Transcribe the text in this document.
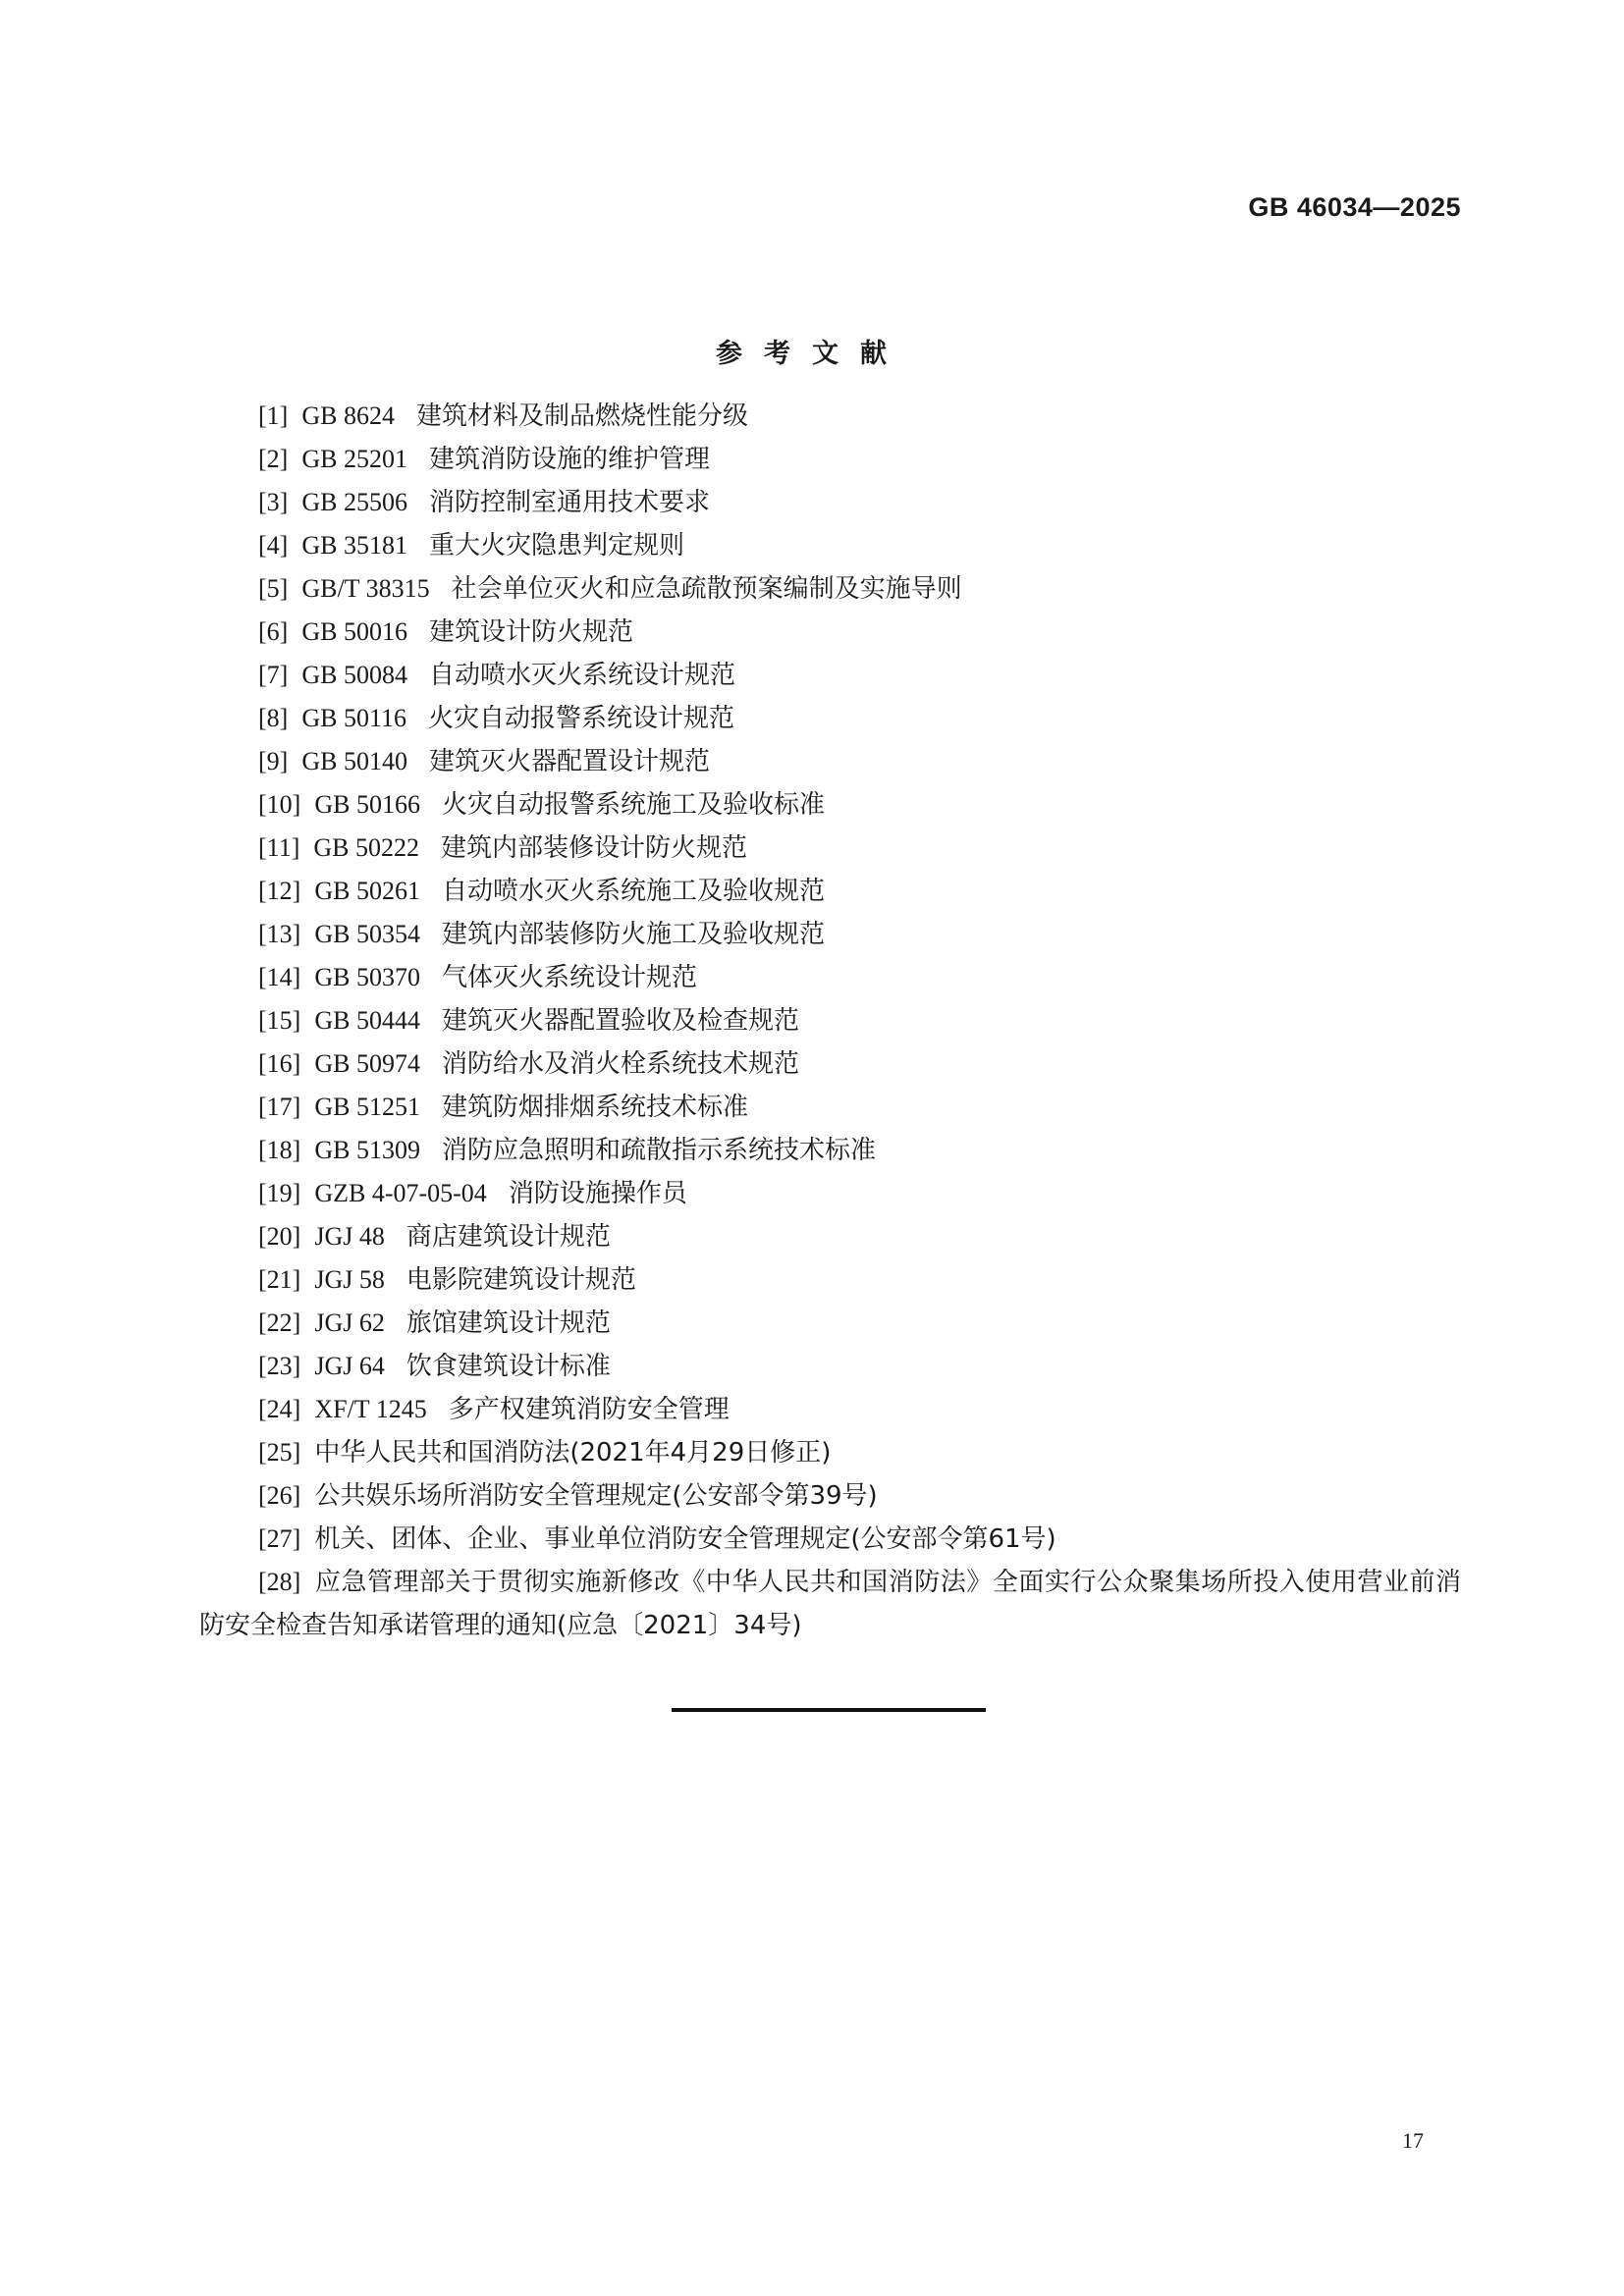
GB 46034—2025
参考文献

[1] GB 8624 建筑材料及制品燃烧性能分级

[2] GB 25201 建筑消防设施的维护管理

[3] GB 25506 消防控制室通用技术要求

[4] GB 35181 重大火灾隐患判定规则

[5] GB/T 38315 社会单位灭火和应急疏散预案编制及实施导则

[6] GB 50016 建筑设计防火规范

[7] GB 50084 自动喷水灭火系统设计规范

[8] GB 50116 火灾自动报警系统设计规范

[9] GB 50140 建筑灭火器配置设计规范

[10] GB 50166 火灾自动报警系统施工及验收标准

[11] GB 50222 建筑内部装修设计防火规范

[12] GB 50261 自动喷水灭火系统施工及验收规范

[13] GB 50354 建筑内部装修防火施工及验收规范

[14] GB 50370 气体灭火系统设计规范

[15] GB 50444 建筑灭火器配置验收及检查规范

[16] GB 50974 消防给水及消火栓系统技术规范

[17] GB 51251 建筑防烟排烟系统技术标准

[18] GB 51309 消防应急照明和疏散指示系统技术标准

[19] GZB 4-07-05-04 消防设施操作员

[20] JGJ 48 商店建筑设计规范

[21] JGJ 58 电影院建筑设计规范

[22] JGJ 62 旅馆建筑设计规范

[23] JGJ 64 饮食建筑设计标准

[24] XF/T 1245 多产权建筑消防安全管理

[25] 中华人民共和国消防法(2021年4月29日修正)

[26] 公共娱乐场所消防安全管理规定(公安部令第39号)

[27] 机关、团体、企业、事业单位消防安全管理规定(公安部令第61号)

[28] 应急管理部关于贯彻实施新修改《中华人民共和国消防法》全面实行公众聚集场所投入使用营业前消防安全检查告知承诺管理的通知(应急〔2021〕34号)

17
